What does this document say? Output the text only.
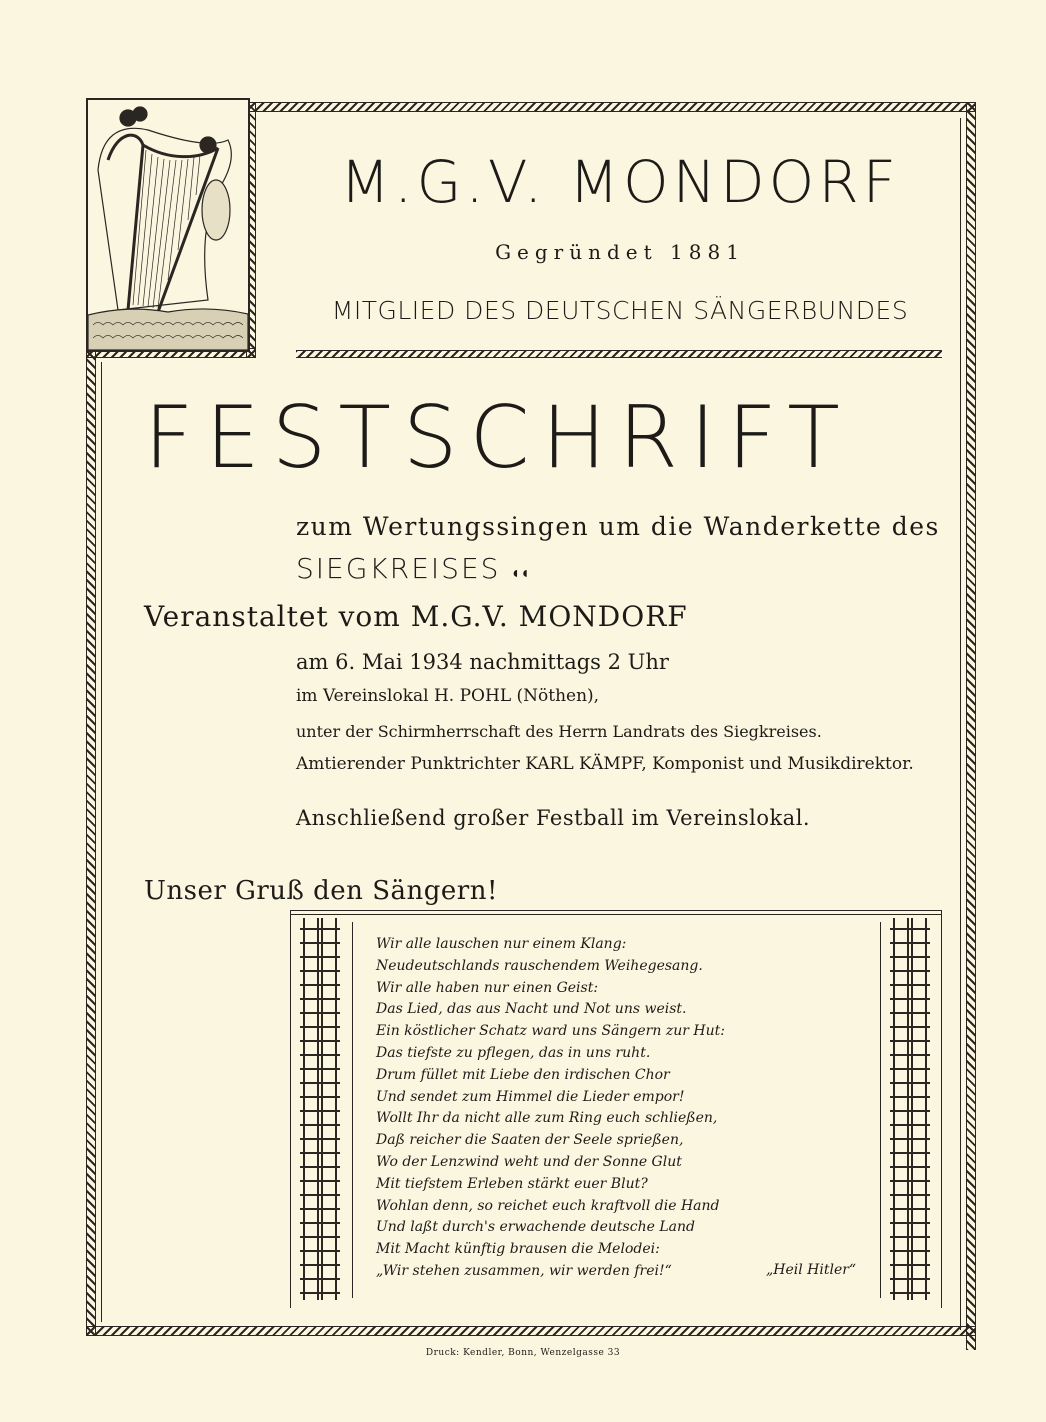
M.G.V. MONDORF
Gegründet 1881
MITGLIED DES DEUTSCHEN SÄNGERBUNDES
FESTSCHRIFT
zum Wertungssingen um die Wanderkette des
SIEGKREISES ◖◖
Veranstaltet vom M.G.V. MONDORF
am 6. Mai 1934 nachmittags 2 Uhr
im Vereinslokal H. POHL (Nöthen),
unter der Schirmherrschaft des Herrn Landrats des Siegkreises.
Amtierender Punktrichter KARL KÄMPF, Komponist und Musikdirektor.
Anschließend großer Festball im Vereinslokal.
Unser Gruß den Sängern!
Wir alle lauschen nur einem Klang:
Neudeutschlands rauschendem Weihegesang.
Wir alle haben nur einen Geist:
Das Lied, das aus Nacht und Not uns weist.
Ein köstlicher Schatz ward uns Sängern zur Hut:
Das tiefste zu pflegen, das in uns ruht.
Drum füllet mit Liebe den irdischen Chor
Und sendet zum Himmel die Lieder empor!
Wollt Ihr da nicht alle zum Ring euch schließen,
Daß reicher die Saaten der Seele sprießen,
Wo der Lenzwind weht und der Sonne Glut
Mit tiefstem Erleben stärkt euer Blut?
Wohlan denn, so reichet euch kraftvoll die Hand
Und laßt durch's erwachende deutsche Land
Mit Macht künftig brausen die Melodei:
„Wir stehen zusammen, wir werden frei!“	„Heil Hitler“
Druck: Kendler, Bonn, Wenzelgasse 33
